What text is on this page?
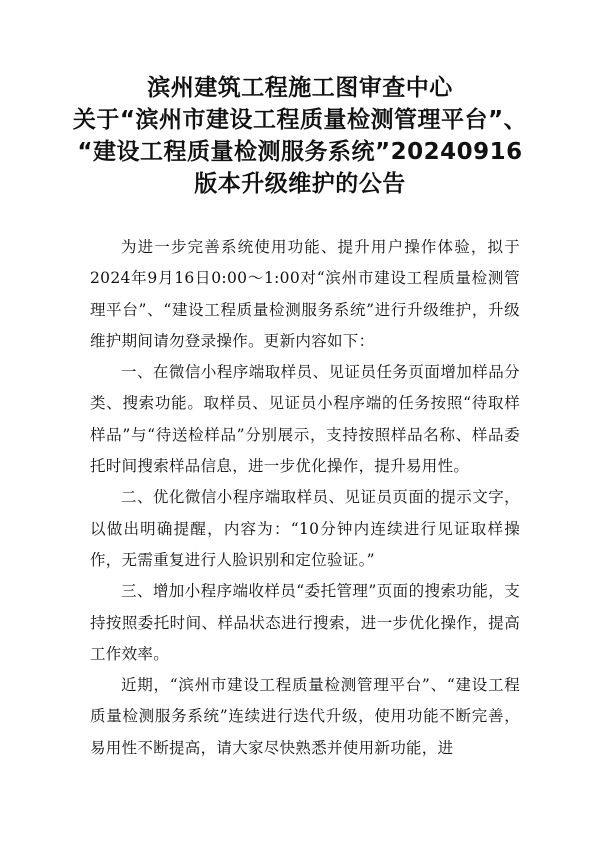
滨州建筑工程施工图审查中心
关于“滨州市建设工程质量检测管理平台”、
“建设工程质量检测服务系统”20240916
版本升级维护的公告

为进一步完善系统使用功能、提升用户操作体验，拟于2024年9月16日0:00～1:00对“滨州市建设工程质量检测管理平台”、“建设工程质量检测服务系统”进行升级维护，升级维护期间请勿登录操作。更新内容如下：

一、在微信小程序端取样员、见证员任务页面增加样品分类、搜索功能。取样员、见证员小程序端的任务按照“待取样样品”与“待送检样品”分别展示，支持按照样品名称、样品委托时间搜索样品信息，进一步优化操作，提升易用性。

二、优化微信小程序端取样员、见证员页面的提示文字，以做出明确提醒，内容为：“10分钟内连续进行见证取样操作，无需重复进行人脸识别和定位验证。”

三、增加小程序端收样员“委托管理”页面的搜索功能，支持按照委托时间、样品状态进行搜索，进一步优化操作，提高工作效率。

近期，“滨州市建设工程质量检测管理平台”、“建设工程质量检测服务系统”连续进行迭代升级，使用功能不断完善，易用性不断提高，请大家尽快熟悉并使用新功能，进
